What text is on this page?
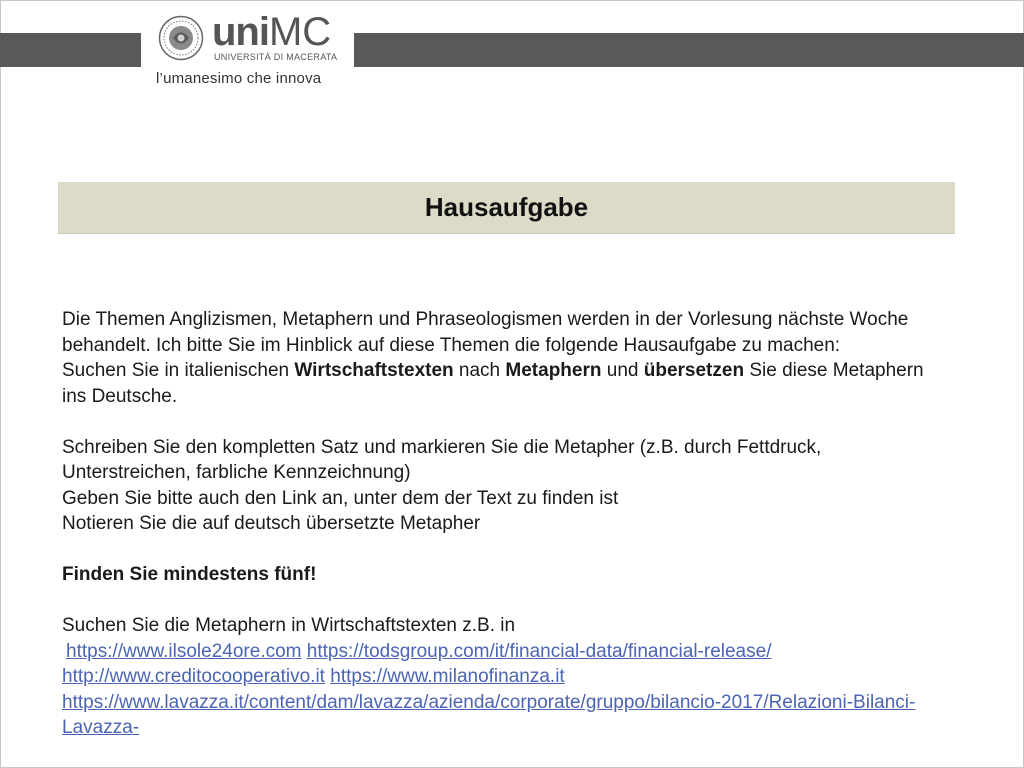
uniMC
UNIVERSITÀ DI MACERATA
l’umanesimo che innova
Hausaufgabe

Die Themen Anglizismen, Metaphern und Phraseologismen werden in der Vorlesung nächste Woche behandelt. Ich bitte Sie im Hinblick auf diese Themen die folgende Hausaufgabe zu machen:

Suchen Sie in italienischen Wirtschaftstexten nach Metaphern und übersetzen Sie diese Metaphern ins Deutsche.

Schreiben Sie den kompletten Satz und markieren Sie die Metapher (z.B. durch Fettdruck, Unterstreichen, farbliche Kennzeichnung)

Geben Sie bitte auch den Link an, unter dem der Text zu finden ist

Notieren Sie die auf deutsch übersetzte Metapher

Finden Sie mindestens fünf!

Suchen Sie die Metaphern in Wirtschaftstexten z.B. in

https://www.ilsole24ore.com https://todsgroup.com/it/financial-data/financial-release/

http://www.creditocooperativo.it https://www.milanofinanza.it

https://www.lavazza.it/content/dam/lavazza/azienda/corporate/gruppo/bilancio-2017/Relazioni-Bilanci-Lavazza-
